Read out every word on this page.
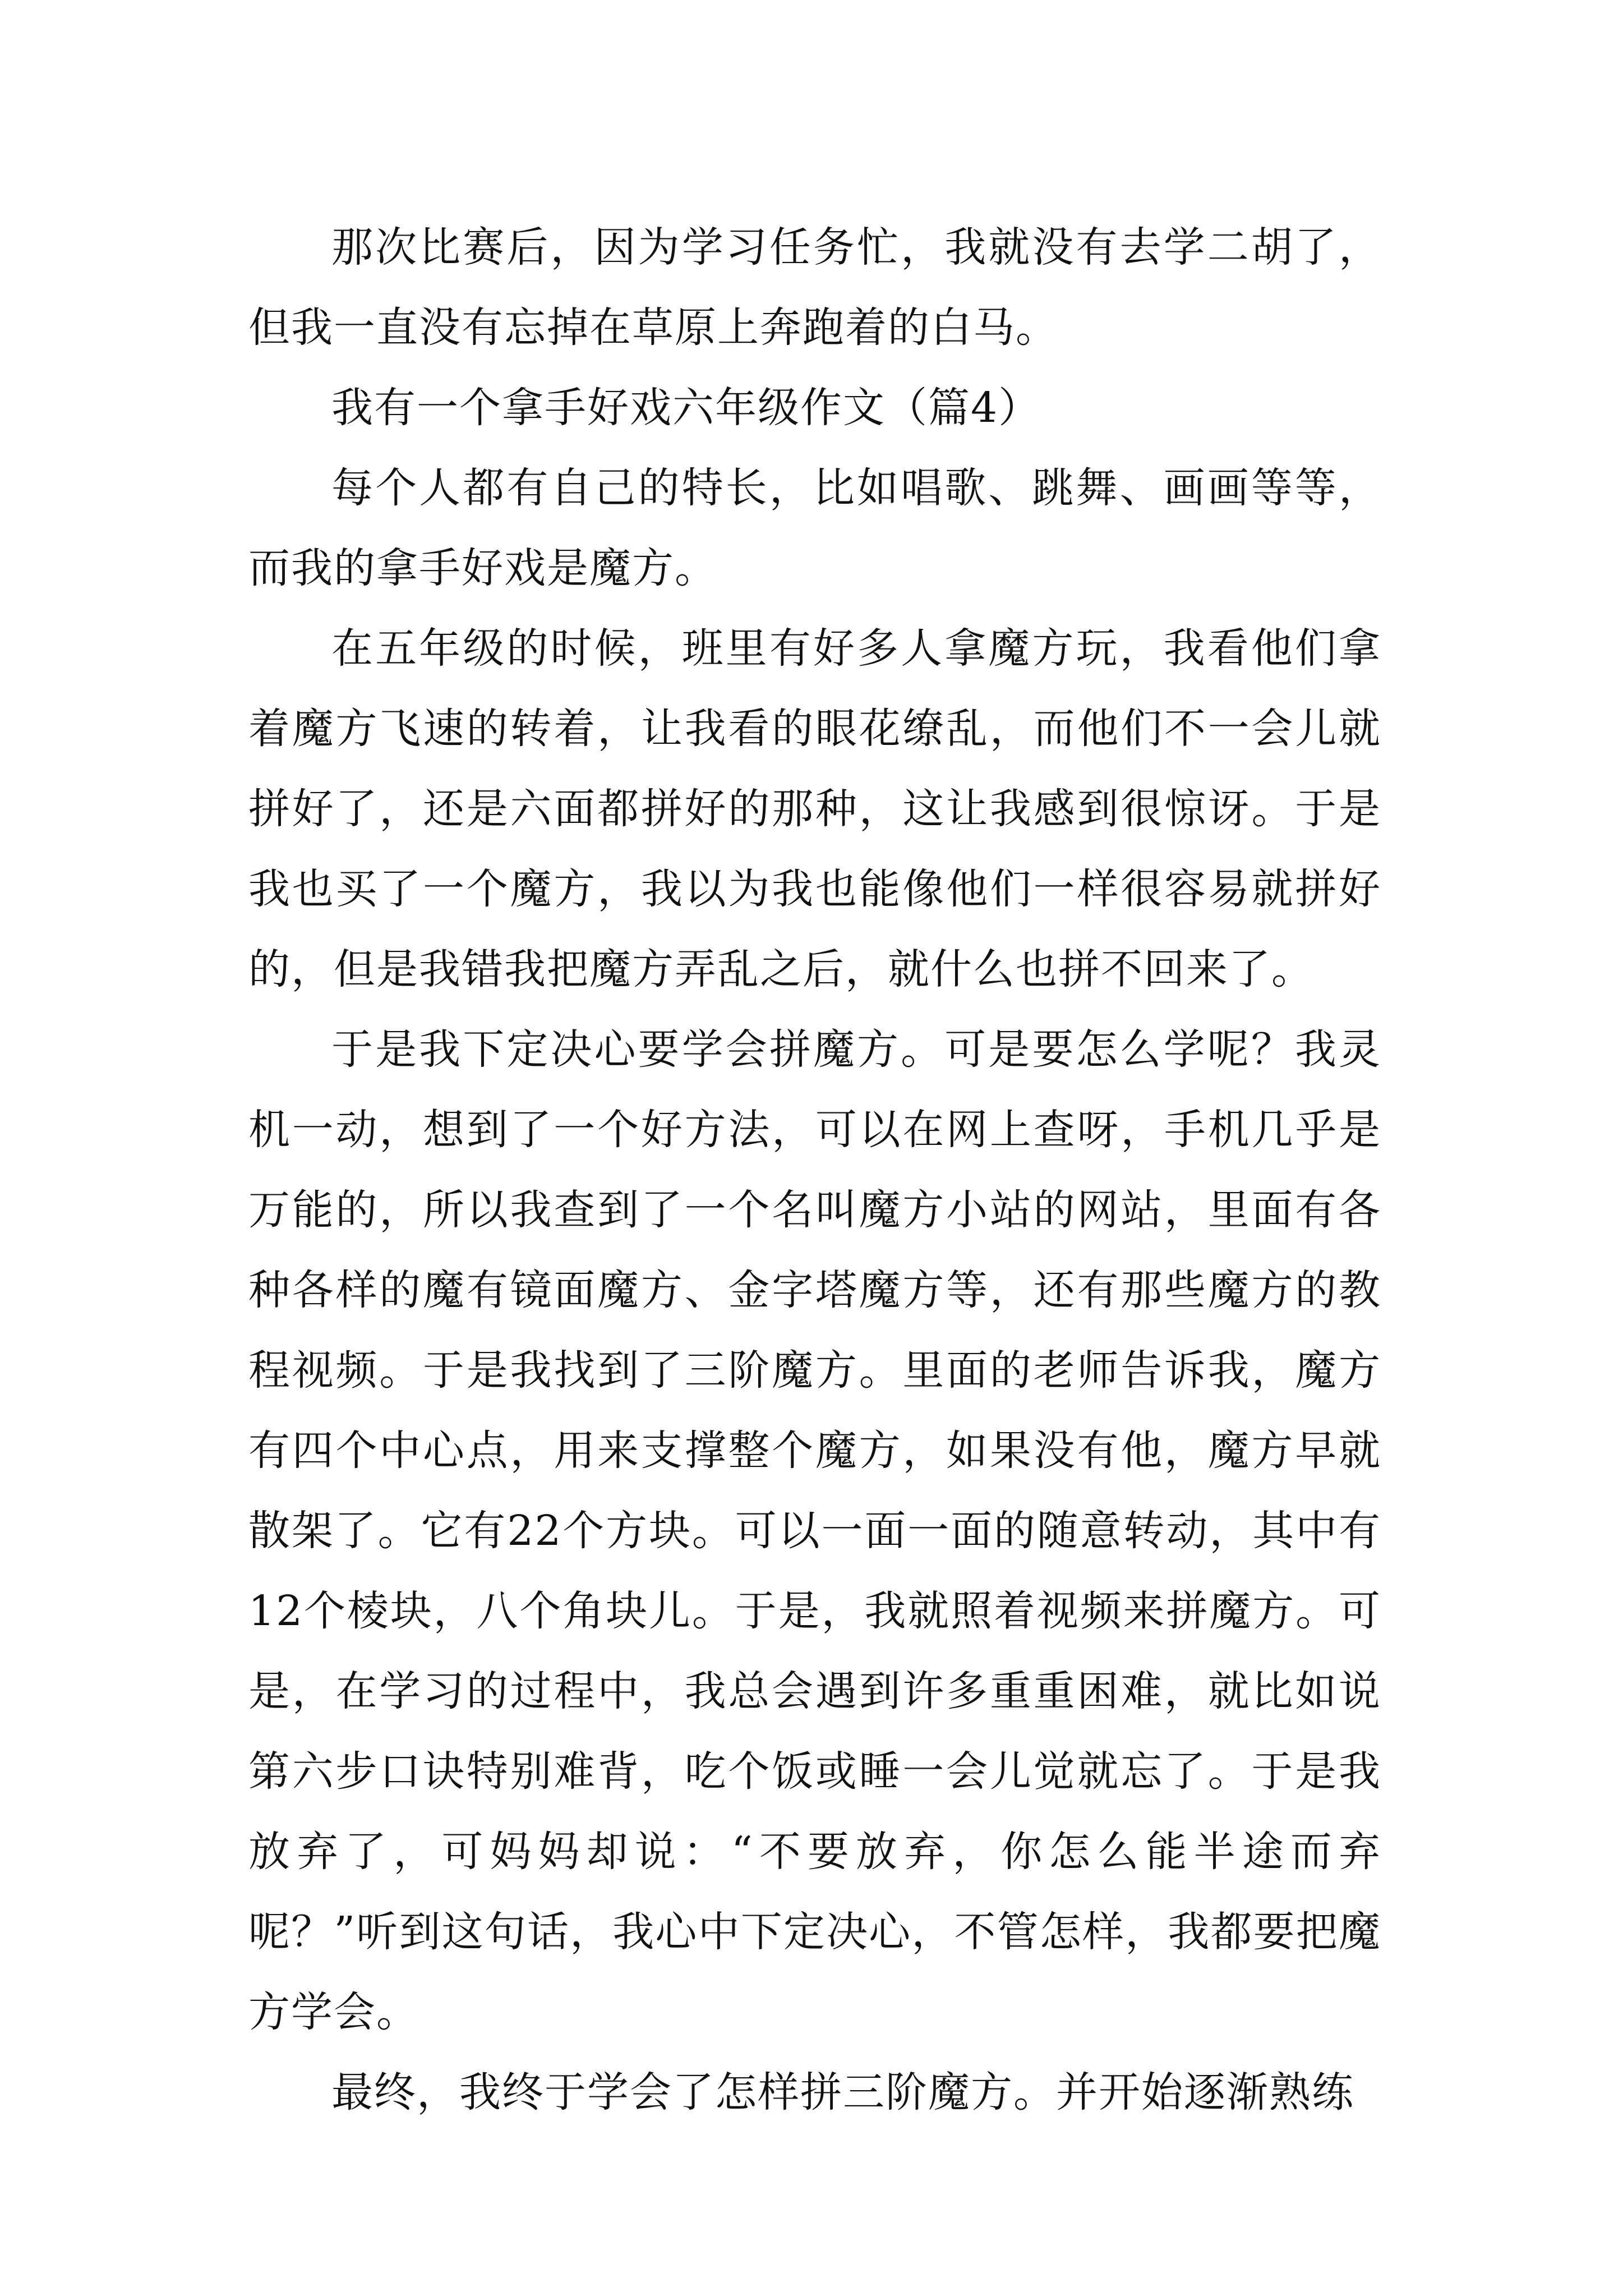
那次比赛后，因为学习任务忙，我就没有去学二胡了，但我一直没有忘掉在草原上奔跑着的白马。

我有一个拿手好戏六年级作文（篇4）

每个人都有自己的特长，比如唱歌、跳舞、画画等等，而我的拿手好戏是魔方。

在五年级的时候，班里有好多人拿魔方玩，我看他们拿着魔方飞速的转着，让我看的眼花缭乱，而他们不一会儿就拼好了，还是六面都拼好的那种，这让我感到很惊讶。于是我也买了一个魔方，我以为我也能像他们一样很容易就拼好的，但是我错我把魔方弄乱之后，就什么也拼不回来了。

于是我下定决心要学会拼魔方。可是要怎么学呢？我灵机一动，想到了一个好方法，可以在网上查呀，手机几乎是万能的，所以我查到了一个名叫魔方小站的网站，里面有各种各样的魔有镜面魔方、金字塔魔方等，还有那些魔方的教程视频。于是我找到了三阶魔方。里面的老师告诉我，魔方有四个中心点，用来支撑整个魔方，如果没有他，魔方早就散架了。它有22个方块。可以一面一面的随意转动，其中有12个棱块，八个角块儿。于是，我就照着视频来拼魔方。可是，在学习的过程中，我总会遇到许多重重困难，就比如说第六步口诀特别难背，吃个饭或睡一会儿觉就忘了。于是我放弃了，可妈妈却说：“不要放弃，你怎么能半途而弃呢？”听到这句话，我心中下定决心，不管怎样，我都要把魔方学会。

最终，我终于学会了怎样拼三阶魔方。并开始逐渐熟练
